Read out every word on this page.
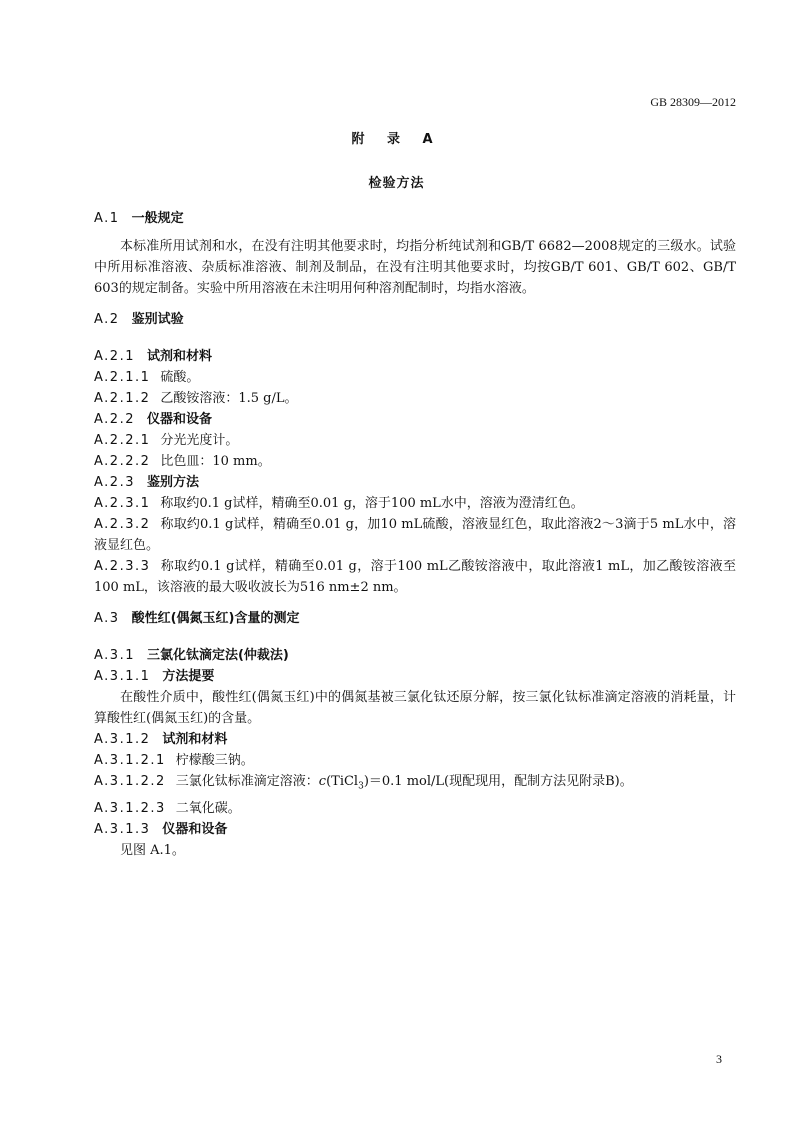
GB 28309—2012
附 录 A
检验方法
A.1 一般规定
本标准所用试剂和水，在没有注明其他要求时，均指分析纯试剂和GB/T 6682—2008规定的三级水。试验中所用标准溶液、杂质标准溶液、制剂及制品，在没有注明其他要求时，均按GB/T 601、GB/T 602、GB/T 603的规定制备。实验中所用溶液在未注明用何种溶剂配制时，均指水溶液。
A.2 鉴别试验
A.2.1 试剂和材料
A.2.1.1 硫酸。
A.2.1.2 乙酸铵溶液：1.5 g/L。
A.2.2 仪器和设备
A.2.2.1 分光光度计。
A.2.2.2 比色皿：10 mm。
A.2.3 鉴别方法
A.2.3.1 称取约0.1 g试样，精确至0.01 g，溶于100 mL水中，溶液为澄清红色。
A.2.3.2 称取约0.1 g试样，精确至0.01 g，加10 mL硫酸，溶液显红色，取此溶液2～3滴于5 mL水中，溶液显红色。
A.2.3.3 称取约0.1 g试样，精确至0.01 g，溶于100 mL乙酸铵溶液中，取此溶液1 mL，加乙酸铵溶液至100 mL，该溶液的最大吸收波长为516 nm±2 nm。
A.3 酸性红(偶氮玉红)含量的测定
A.3.1 三氯化钛滴定法(仲裁法)
A.3.1.1 方法提要
在酸性介质中，酸性红(偶氮玉红)中的偶氮基被三氯化钛还原分解，按三氯化钛标准滴定溶液的消耗量，计算酸性红(偶氮玉红)的含量。
A.3.1.2 试剂和材料
A.3.1.2.1 柠檬酸三钠。
A.3.1.2.2 三氯化钛标准滴定溶液：c(TiCl$_3$)＝0.1 mol/L(现配现用，配制方法见附录B)。
A.3.1.2.3 二氧化碳。
A.3.1.3 仪器和设备
见图 A.1。
3
